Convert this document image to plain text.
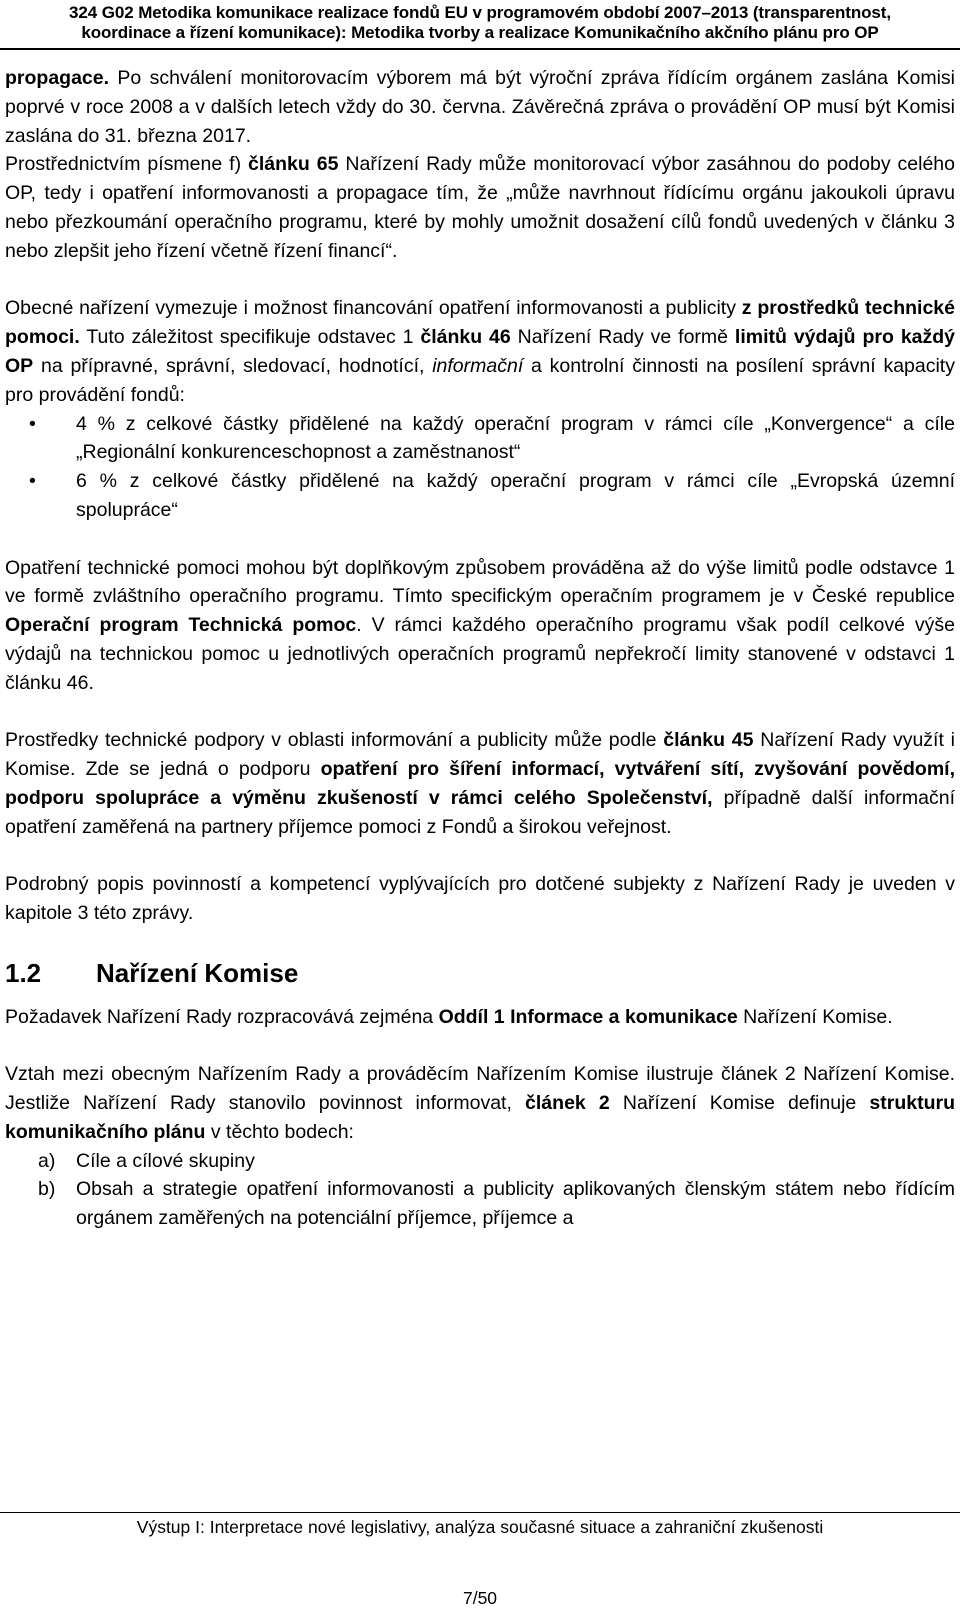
324 G02 Metodika komunikace realizace fondů EU v programovém období 2007–2013 (transparentnost,
koordinace a řízení komunikace): Metodika tvorby a realizace Komunikačního akčního plánu pro OP

propagace. Po schválení monitorovacím výborem má být výroční zpráva řídícím orgánem zaslána Komisi poprvé v roce 2008 a v dalších letech vždy do 30. června. Závěrečná zpráva o provádění OP musí být Komisi zaslána do 31. března 2017.

Prostřednictvím písmene f) článku 65 Nařízení Rady může monitorovací výbor zasáhnou do podoby celého OP, tedy i opatření informovanosti a propagace tím, že „může navrhnout řídícímu orgánu jakoukoli úpravu nebo přezkoumání operačního programu, které by mohly umožnit dosažení cílů fondů uvedených v článku 3 nebo zlepšit jeho řízení včetně řízení financí“.

Obecné nařízení vymezuje i možnost financování opatření informovanosti a publicity z prostředků technické pomoci. Tuto záležitost specifikuje odstavec 1 článku 46 Nařízení Rady ve formě limitů výdajů pro každý OP na přípravné, správní, sledovací, hodnotící, informační a kontrolní činnosti na posílení správní kapacity pro provádění fondů:

• 4 % z celkové částky přidělené na každý operační program v rámci cíle „Konvergence“ a cíle „Regionální konkurenceschopnost a zaměstnanost“
• 6 % z celkové částky přidělené na každý operační program v rámci cíle „Evropská územní spolupráce“

Opatření technické pomoci mohou být doplňkovým způsobem prováděna až do výše limitů podle odstavce 1 ve formě zvláštního operačního programu. Tímto specifickým operačním programem je v České republice Operační program Technická pomoc. V rámci každého operačního programu však podíl celkové výše výdajů na technickou pomoc u jednotlivých operačních programů nepřekročí limity stanovené v odstavci 1 článku 46.

Prostředky technické podpory v oblasti informování a publicity může podle článku 45 Nařízení Rady využít i Komise. Zde se jedná o podporu opatření pro šíření informací, vytváření sítí, zvyšování povědomí, podporu spolupráce a výměnu zkušeností v rámci celého Společenství, případně další informační opatření zaměřená na partnery příjemce pomoci z Fondů a širokou veřejnost.

Podrobný popis povinností a kompetencí vyplývajících pro dotčené subjekty z Nařízení Rady je uveden v kapitole 3 této zprávy.

1.2 Nařízení Komise

Požadavek Nařízení Rady rozpracovává zejména Oddíl 1 Informace a komunikace Nařízení Komise.

Vztah mezi obecným Nařízením Rady a prováděcím Nařízením Komise ilustruje článek 2 Nařízení Komise. Jestliže Nařízení Rady stanovilo povinnost informovat, článek 2 Nařízení Komise definuje strukturu komunikačního plánu v těchto bodech:

a) Cíle a cílové skupiny
b) Obsah a strategie opatření informovanosti a publicity aplikovaných členským státem nebo řídícím orgánem zaměřených na potenciální příjemce, příjemce a
Výstup I: Interpretace nové legislativy, analýza současné situace a zahraniční zkušenosti
7/50
